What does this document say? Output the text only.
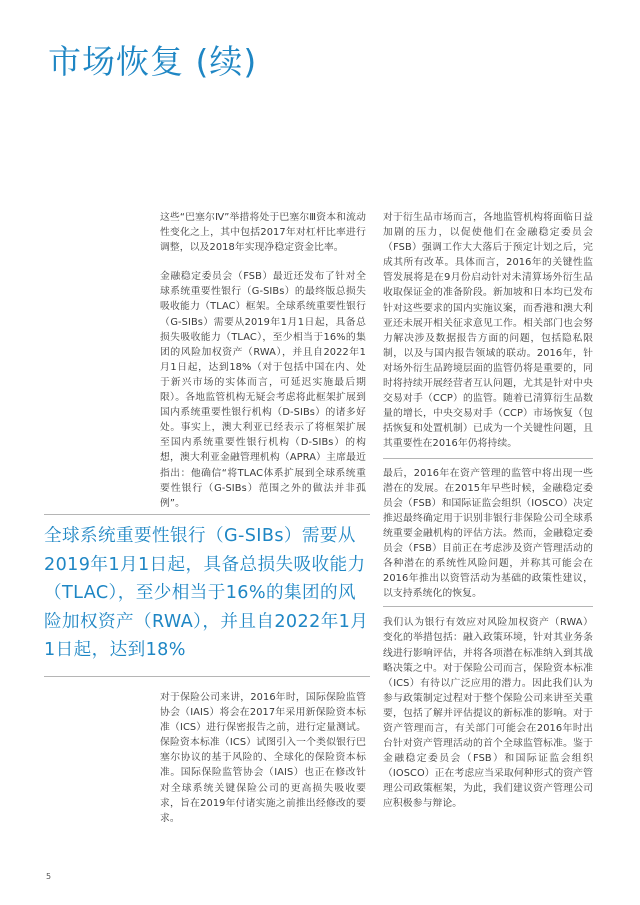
市场恢复 (续)

这些“巴塞尔Ⅳ”举措将处于巴塞尔Ⅲ资本和流动性变化之上，其中包括2017年对杠杆比率进行调整，以及2018年实现净稳定资金比率。

金融稳定委员会（FSB）最近还发布了针对全球系统重要性银行（G-SIBs）的最终版总损失吸收能力（TLAC）框架。全球系统重要性银行（G-SIBs）需要从2019年1月1日起，具备总损失吸收能力（TLAC），至少相当于16%的集团的风险加权资产（RWA），并且自2022年1月1日起，达到18%（对于包括中国在内、处于新兴市场的实体而言，可延迟实施最后期限）。各地监管机构无疑会考虑将此框架扩展到国内系统重要性银行机构（D-SIBs）的诸多好处。事实上，澳大利亚已经表示了将框架扩展至国内系统重要性银行机构（D-SIBs）的构想，澳大利亚金融管理机构（APRA）主席最近指出：他确信“将TLAC体系扩展到全球系统重要性银行（G-SIBs）范围之外的做法并非孤例”。

全球系统重要性银行（G-SIBs）需要从2019年1月1日起，具备总损失吸收能力（TLAC），至少相当于16%的集团的风险加权资产（RWA），并且自2022年1月1日起，达到18%

对于保险公司来讲，2016年时，国际保险监管协会（IAIS）将会在2017年采用新保险资本标准（ICS）进行保密报告之前，进行定量测试。保险资本标准（ICS）试图引入一个类似银行巴塞尔协议的基于风险的、全球化的保险资本标准。国际保险监管协会（IAIS）也正在修改针对全球系统关键保险公司的更高损失吸收要求，旨在2019年付诸实施之前推出经修改的要求。

对于衍生品市场而言，各地监管机构将面临日益加剧的压力，以促使他们在金融稳定委员会（FSB）强调工作大大落后于预定计划之后，完成其所有改革。具体而言，2016年的关键性监管发展将是在9月份启动针对未清算场外衍生品收取保证金的准备阶段。新加坡和日本均已发布针对这些要求的国内实施议案，而香港和澳大利亚还未展开相关征求意见工作。相关部门也会努力解决涉及数据报告方面的问题，包括隐私限制，以及与国内报告领域的联动。2016年，针对场外衍生品跨境层面的监管仍将是重要的，同时将持续开展经营者互认问题，尤其是针对中央交易对手（CCP）的监管。随着已清算衍生品数量的增长，中央交易对手（CCP）市场恢复（包括恢复和处置机制）已成为一个关键性问题，且其重要性在2016年仍将持续。

最后，2016年在资产管理的监管中将出现一些潜在的发展。在2015年早些时候，金融稳定委员会（FSB）和国际证监会组织（IOSCO）决定推迟最终确定用于识别非银行非保险公司全球系统重要金融机构的评估方法。然而，金融稳定委员会（FSB）目前正在考虑涉及资产管理活动的各种潜在的系统性风险问题，并称其可能会在2016年推出以资管活动为基础的政策性建议，以支持系统化的恢复。

我们认为银行有效应对风险加权资产（RWA）变化的举措包括：融入政策环境，针对其业务条线进行影响评估，并将各项潜在标准纳入到其战略决策之中。对于保险公司而言，保险资本标准（ICS）有待以广泛应用的潜力。因此我们认为参与政策制定过程对于整个保险公司来讲至关重要，包括了解并评估提议的新标准的影响。对于资产管理而言，有关部门可能会在2016年时出台针对资产管理活动的首个全球监管标准。鉴于金融稳定委员会（FSB）和国际证监会组织（IOSCO）正在考虑应当采取何种形式的资产管理公司政策框架，为此，我们建议资产管理公司应积极参与辩论。

5
